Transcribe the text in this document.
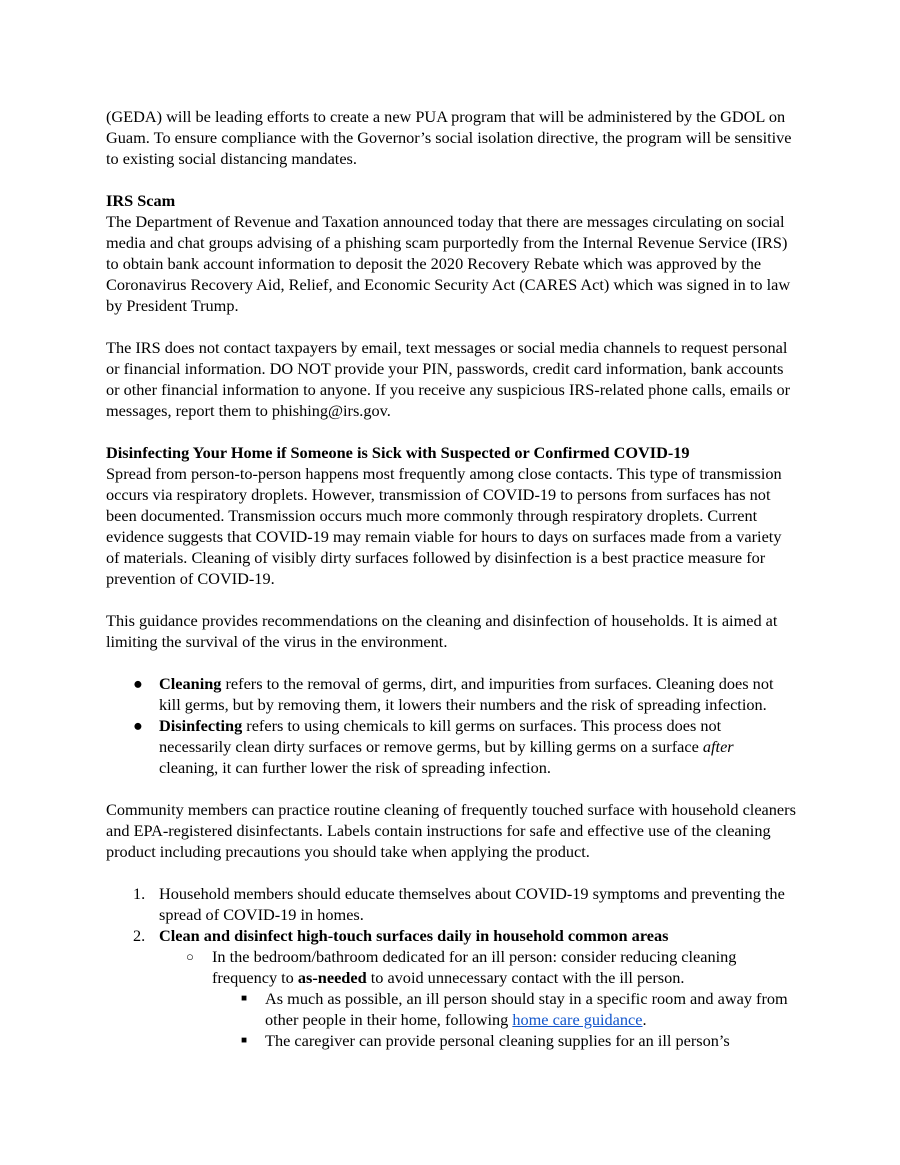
(GEDA) will be leading efforts to create a new PUA program that will be administered by the GDOL on Guam. To ensure compliance with the Governor’s social isolation directive, the program will be sensitive to existing social distancing mandates.

IRS Scam

The Department of Revenue and Taxation announced today that there are messages circulating on social media and chat groups advising of a phishing scam purportedly from the Internal Revenue Service (IRS) to obtain bank account information to deposit the 2020 Recovery Rebate which was approved by the Coronavirus Recovery Aid, Relief, and Economic Security Act (CARES Act) which was signed in to law by President Trump.

The IRS does not contact taxpayers by email, text messages or social media channels to request personal or financial information. DO NOT provide your PIN, passwords, credit card information, bank accounts or other financial information to anyone. If you receive any suspicious IRS-related phone calls, emails or messages, report them to phishing@irs.gov.

Disinfecting Your Home if Someone is Sick with Suspected or Confirmed COVID-19

Spread from person-to-person happens most frequently among close contacts. This type of transmission occurs via respiratory droplets. However, transmission of COVID-19 to persons from surfaces has not been documented. Transmission occurs much more commonly through respiratory droplets. Current evidence suggests that COVID-19 may remain viable for hours to days on surfaces made from a variety of materials. Cleaning of visibly dirty surfaces followed by disinfection is a best practice measure for prevention of COVID-19.

This guidance provides recommendations on the cleaning and disinfection of households. It is aimed at limiting the survival of the virus in the environment.

● Cleaning refers to the removal of germs, dirt, and impurities from surfaces. Cleaning does not kill germs, but by removing them, it lowers their numbers and the risk of spreading infection.
● Disinfecting refers to using chemicals to kill germs on surfaces. This process does not necessarily clean dirty surfaces or remove germs, but by killing germs on a surface after cleaning, it can further lower the risk of spreading infection.

Community members can practice routine cleaning of frequently touched surface with household cleaners and EPA-registered disinfectants. Labels contain instructions for safe and effective use of the cleaning product including precautions you should take when applying the product.

1. Household members should educate themselves about COVID-19 symptoms and preventing the spread of COVID-19 in homes.
2. Clean and disinfect high-touch surfaces daily in household common areas
○ In the bedroom/bathroom dedicated for an ill person: consider reducing cleaning frequency to as-needed to avoid unnecessary contact with the ill person.
■ As much as possible, an ill person should stay in a specific room and away from other people in their home, following home care guidance.
■ The caregiver can provide personal cleaning supplies for an ill person’s
